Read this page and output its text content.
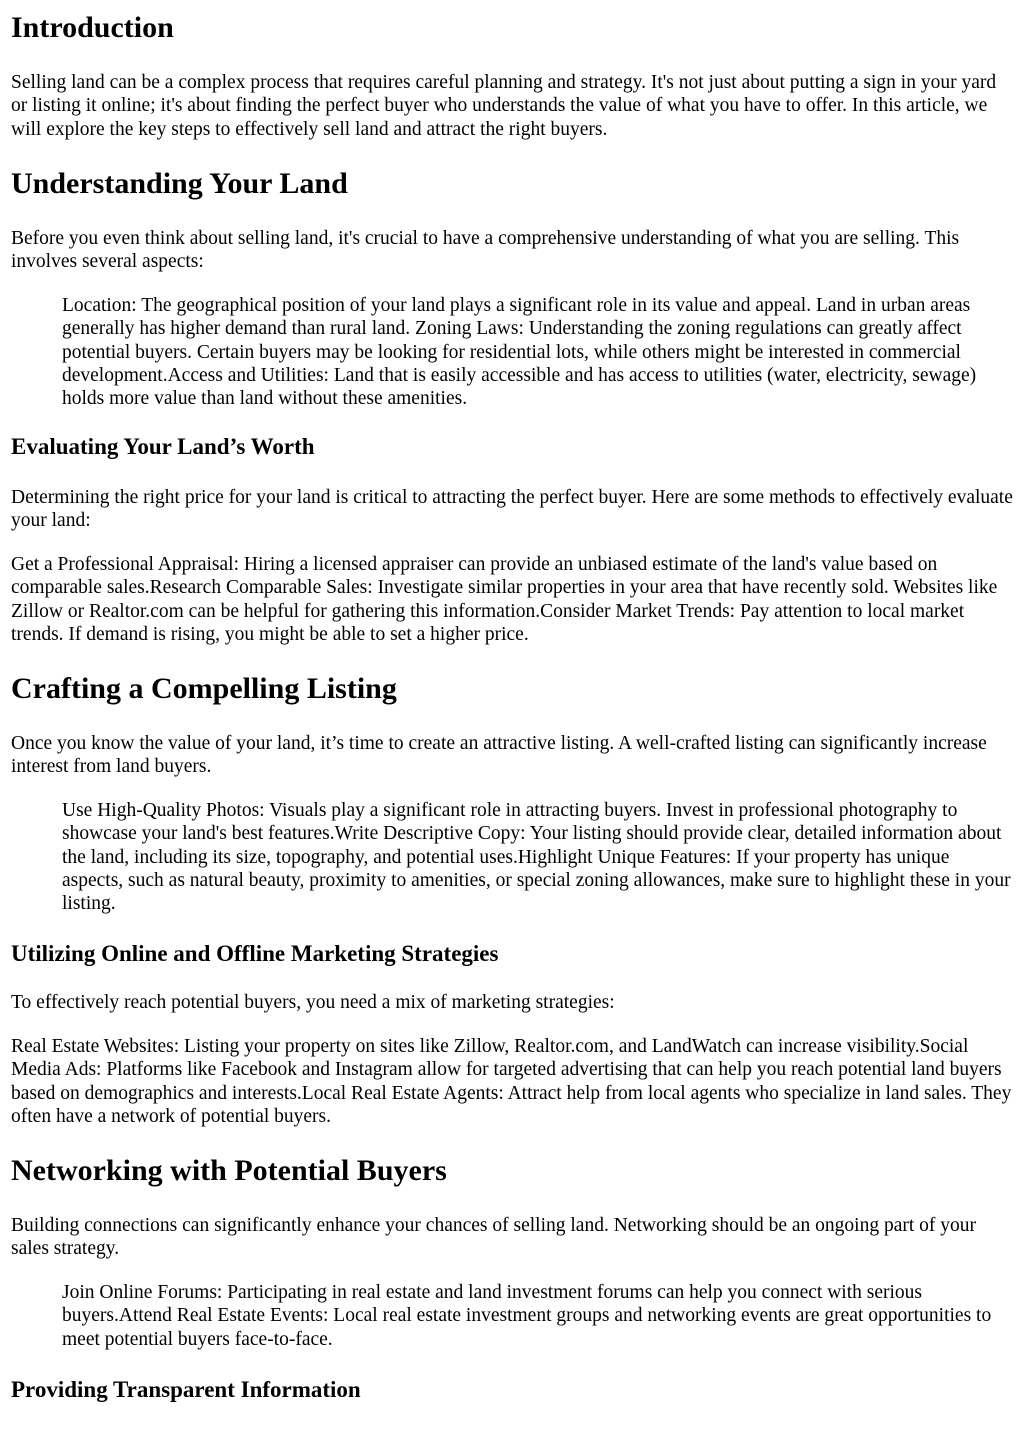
Introduction

Selling land can be a complex process that requires careful planning and strategy. It's not just about putting a sign in your yard or listing it online; it's about finding the perfect buyer who understands the value of what you have to offer. In this article, we will explore the key steps to effectively sell land and attract the right buyers.

Understanding Your Land

Before you even think about selling land, it's crucial to have a comprehensive understanding of what you are selling. This involves several aspects:

Location: The geographical position of your land plays a significant role in its value and appeal. Land in urban areas generally has higher demand than rural land. Zoning Laws: Understanding the zoning regulations can greatly affect potential buyers. Certain buyers may be looking for residential lots, while others might be interested in commercial development.Access and Utilities: Land that is easily accessible and has access to utilities (water, electricity, sewage) holds more value than land without these amenities.
Evaluating Your Land’s Worth

Determining the right price for your land is critical to attracting the perfect buyer. Here are some methods to effectively evaluate your land:

Get a Professional Appraisal: Hiring a licensed appraiser can provide an unbiased estimate of the land's value based on comparable sales.Research Comparable Sales: Investigate similar properties in your area that have recently sold. Websites like Zillow or Realtor.com can be helpful for gathering this information.Consider Market Trends: Pay attention to local market trends. If demand is rising, you might be able to set a higher price.

Crafting a Compelling Listing

Once you know the value of your land, it’s time to create an attractive listing. A well-crafted listing can significantly increase interest from land buyers.

Use High-Quality Photos: Visuals play a significant role in attracting buyers. Invest in professional photography to showcase your land's best features.Write Descriptive Copy: Your listing should provide clear, detailed information about the land, including its size, topography, and potential uses.Highlight Unique Features: If your property has unique aspects, such as natural beauty, proximity to amenities, or special zoning allowances, make sure to highlight these in your listing.
Utilizing Online and Offline Marketing Strategies

To effectively reach potential buyers, you need a mix of marketing strategies:

Real Estate Websites: Listing your property on sites like Zillow, Realtor.com, and LandWatch can increase visibility.Social Media Ads: Platforms like Facebook and Instagram allow for targeted advertising that can help you reach potential land buyers based on demographics and interests.Local Real Estate Agents: Attract help from local agents who specialize in land sales. They often have a network of potential buyers.

Networking with Potential Buyers

Building connections can significantly enhance your chances of selling land. Networking should be an ongoing part of your sales strategy.

Join Online Forums: Participating in real estate and land investment forums can help you connect with serious buyers.Attend Real Estate Events: Local real estate investment groups and networking events are great opportunities to meet potential buyers face-to-face.
Providing Transparent Information
